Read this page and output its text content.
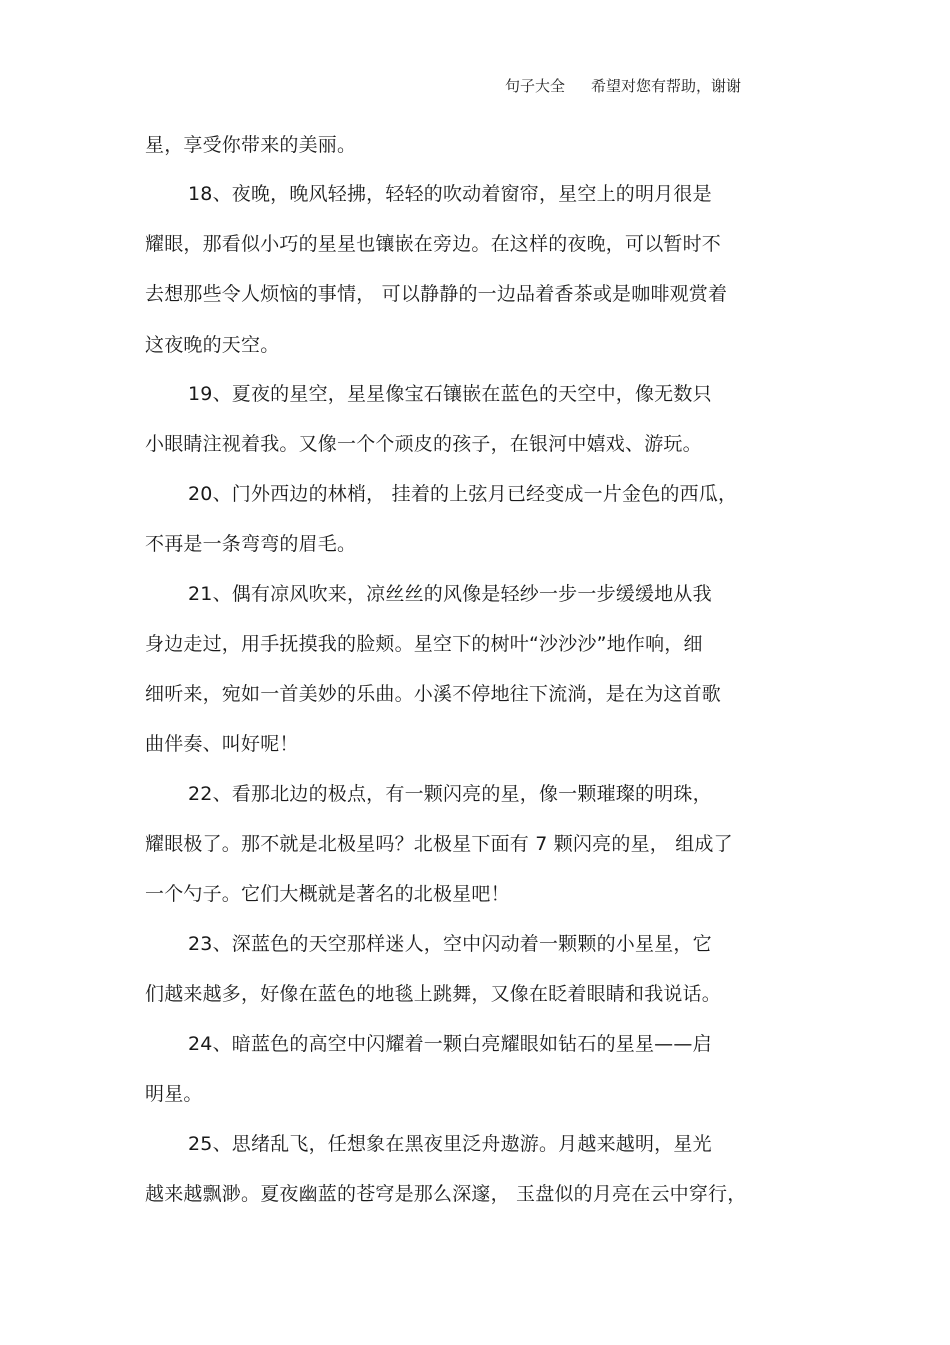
句子大全 希望对您有帮助，谢谢
星，享受你带来的美丽。
18、夜晚，晚风轻拂，轻轻的吹动着窗帘，星空上的明月很是
耀眼，那看似小巧的星星也镶嵌在旁边。在这样的夜晚，可以暂时不
去想那些令人烦恼的事情， 可以静静的一边品着香茶或是咖啡观赏着
这夜晚的天空。
19、夏夜的星空，星星像宝石镶嵌在蓝色的天空中，像无数只
小眼睛注视着我。又像一个个顽皮的孩子，在银河中嬉戏、游玩。
20、门外西边的林梢， 挂着的上弦月已经变成一片金色的西瓜，
不再是一条弯弯的眉毛。
21、偶有凉风吹来，凉丝丝的风像是轻纱一步一步缓缓地从我
身边走过，用手抚摸我的脸颊。星空下的树叶“沙沙沙”地作响，细
细听来，宛如一首美妙的乐曲。小溪不停地往下流淌，是在为这首歌
曲伴奏、叫好呢！
22、看那北边的极点，有一颗闪亮的星，像一颗璀璨的明珠，
耀眼极了。那不就是北极星吗？北极星下面有 7 颗闪亮的星， 组成了
一个勺子。它们大概就是著名的北极星吧！
23、深蓝色的天空那样迷人，空中闪动着一颗颗的小星星，它
们越来越多，好像在蓝色的地毯上跳舞，又像在眨着眼睛和我说话。
24、暗蓝色的高空中闪耀着一颗白亮耀眼如钻石的星星——启
明星。
25、思绪乱飞，任想象在黑夜里泛舟遨游。月越来越明，星光
越来越飘渺。夏夜幽蓝的苍穹是那么深邃， 玉盘似的月亮在云中穿行，
